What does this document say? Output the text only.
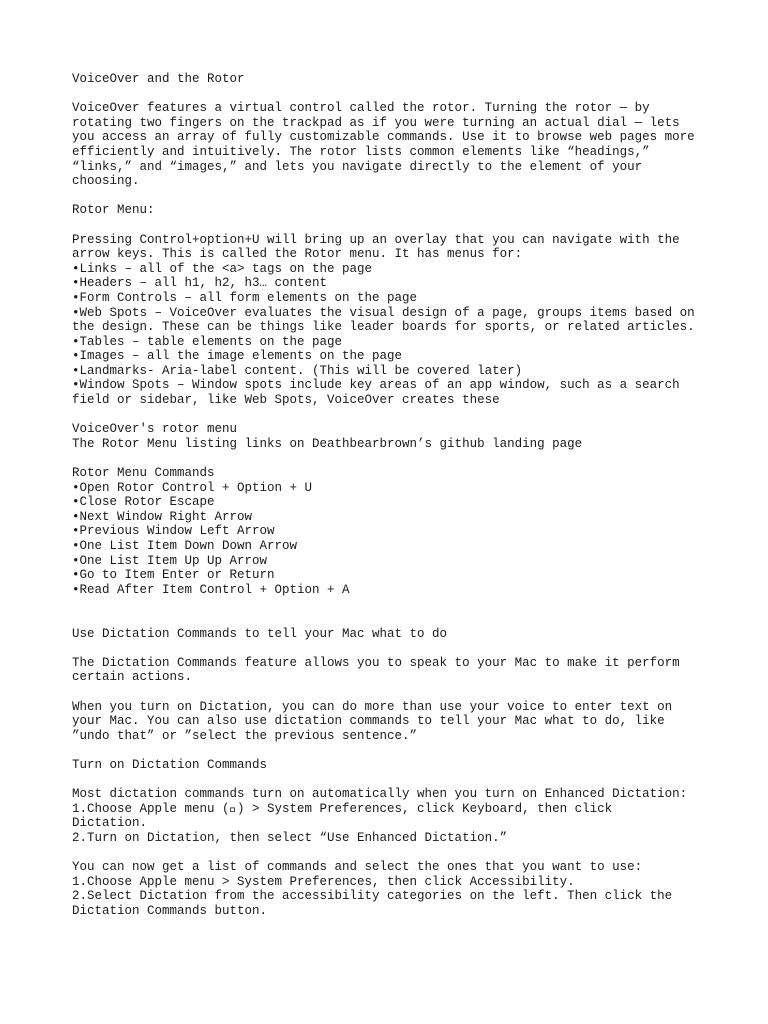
VoiceOver and the Rotor

VoiceOver features a virtual control called the rotor. Turning the rotor — by

rotating two fingers on the trackpad as if you were turning an actual dial — lets

you access an array of fully customizable commands. Use it to browse web pages more

efficiently and intuitively. The rotor lists common elements like “headings,”

“links,” and “images,” and lets you navigate directly to the element of your

choosing.

Rotor Menu:

Pressing Control+option+U will bring up an overlay that you can navigate with the

arrow keys. This is called the Rotor menu. It has menus for:

•Links – all of the <a> tags on the page

•Headers – all h1, h2, h3… content

•Form Controls – all form elements on the page

•Web Spots – VoiceOver evaluates the visual design of a page, groups items based on

the design. These can be things like leader boards for sports, or related articles.

•Tables – table elements on the page

•Images – all the image elements on the page

•Landmarks- Aria-label content. (This will be covered later)

•Window Spots – Window spots include key areas of an app window, such as a search

field or sidebar, like Web Spots, VoiceOver creates these

VoiceOver's rotor menu

The Rotor Menu listing links on Deathbearbrown’s github landing page

Rotor Menu Commands

•Open Rotor Control + Option + U

•Close Rotor Escape

•Next Window Right Arrow

•Previous Window Left Arrow

•One List Item Down Down Arrow

•One List Item Up Up Arrow

•Go to Item Enter or Return

•Read After Item Control + Option + A

Use Dictation Commands to tell your Mac what to do

The Dictation Commands feature allows you to speak to your Mac to make it perform

certain actions.

When you turn on Dictation, you can do more than use your voice to enter text on

your Mac. You can also use dictation commands to tell your Mac what to do, like

”undo that” or ”select the previous sentence.”

Turn on Dictation Commands

Most dictation commands turn on automatically when you turn on Enhanced Dictation:

1.Choose Apple menu ( ) > System Preferences, click Keyboard, then click

Dictation.

2.Turn on Dictation, then select “Use Enhanced Dictation.”

You can now get a list of commands and select the ones that you want to use:

1.Choose Apple menu > System Preferences, then click Accessibility.

2.Select Dictation from the accessibility categories on the left. Then click the

Dictation Commands button.
